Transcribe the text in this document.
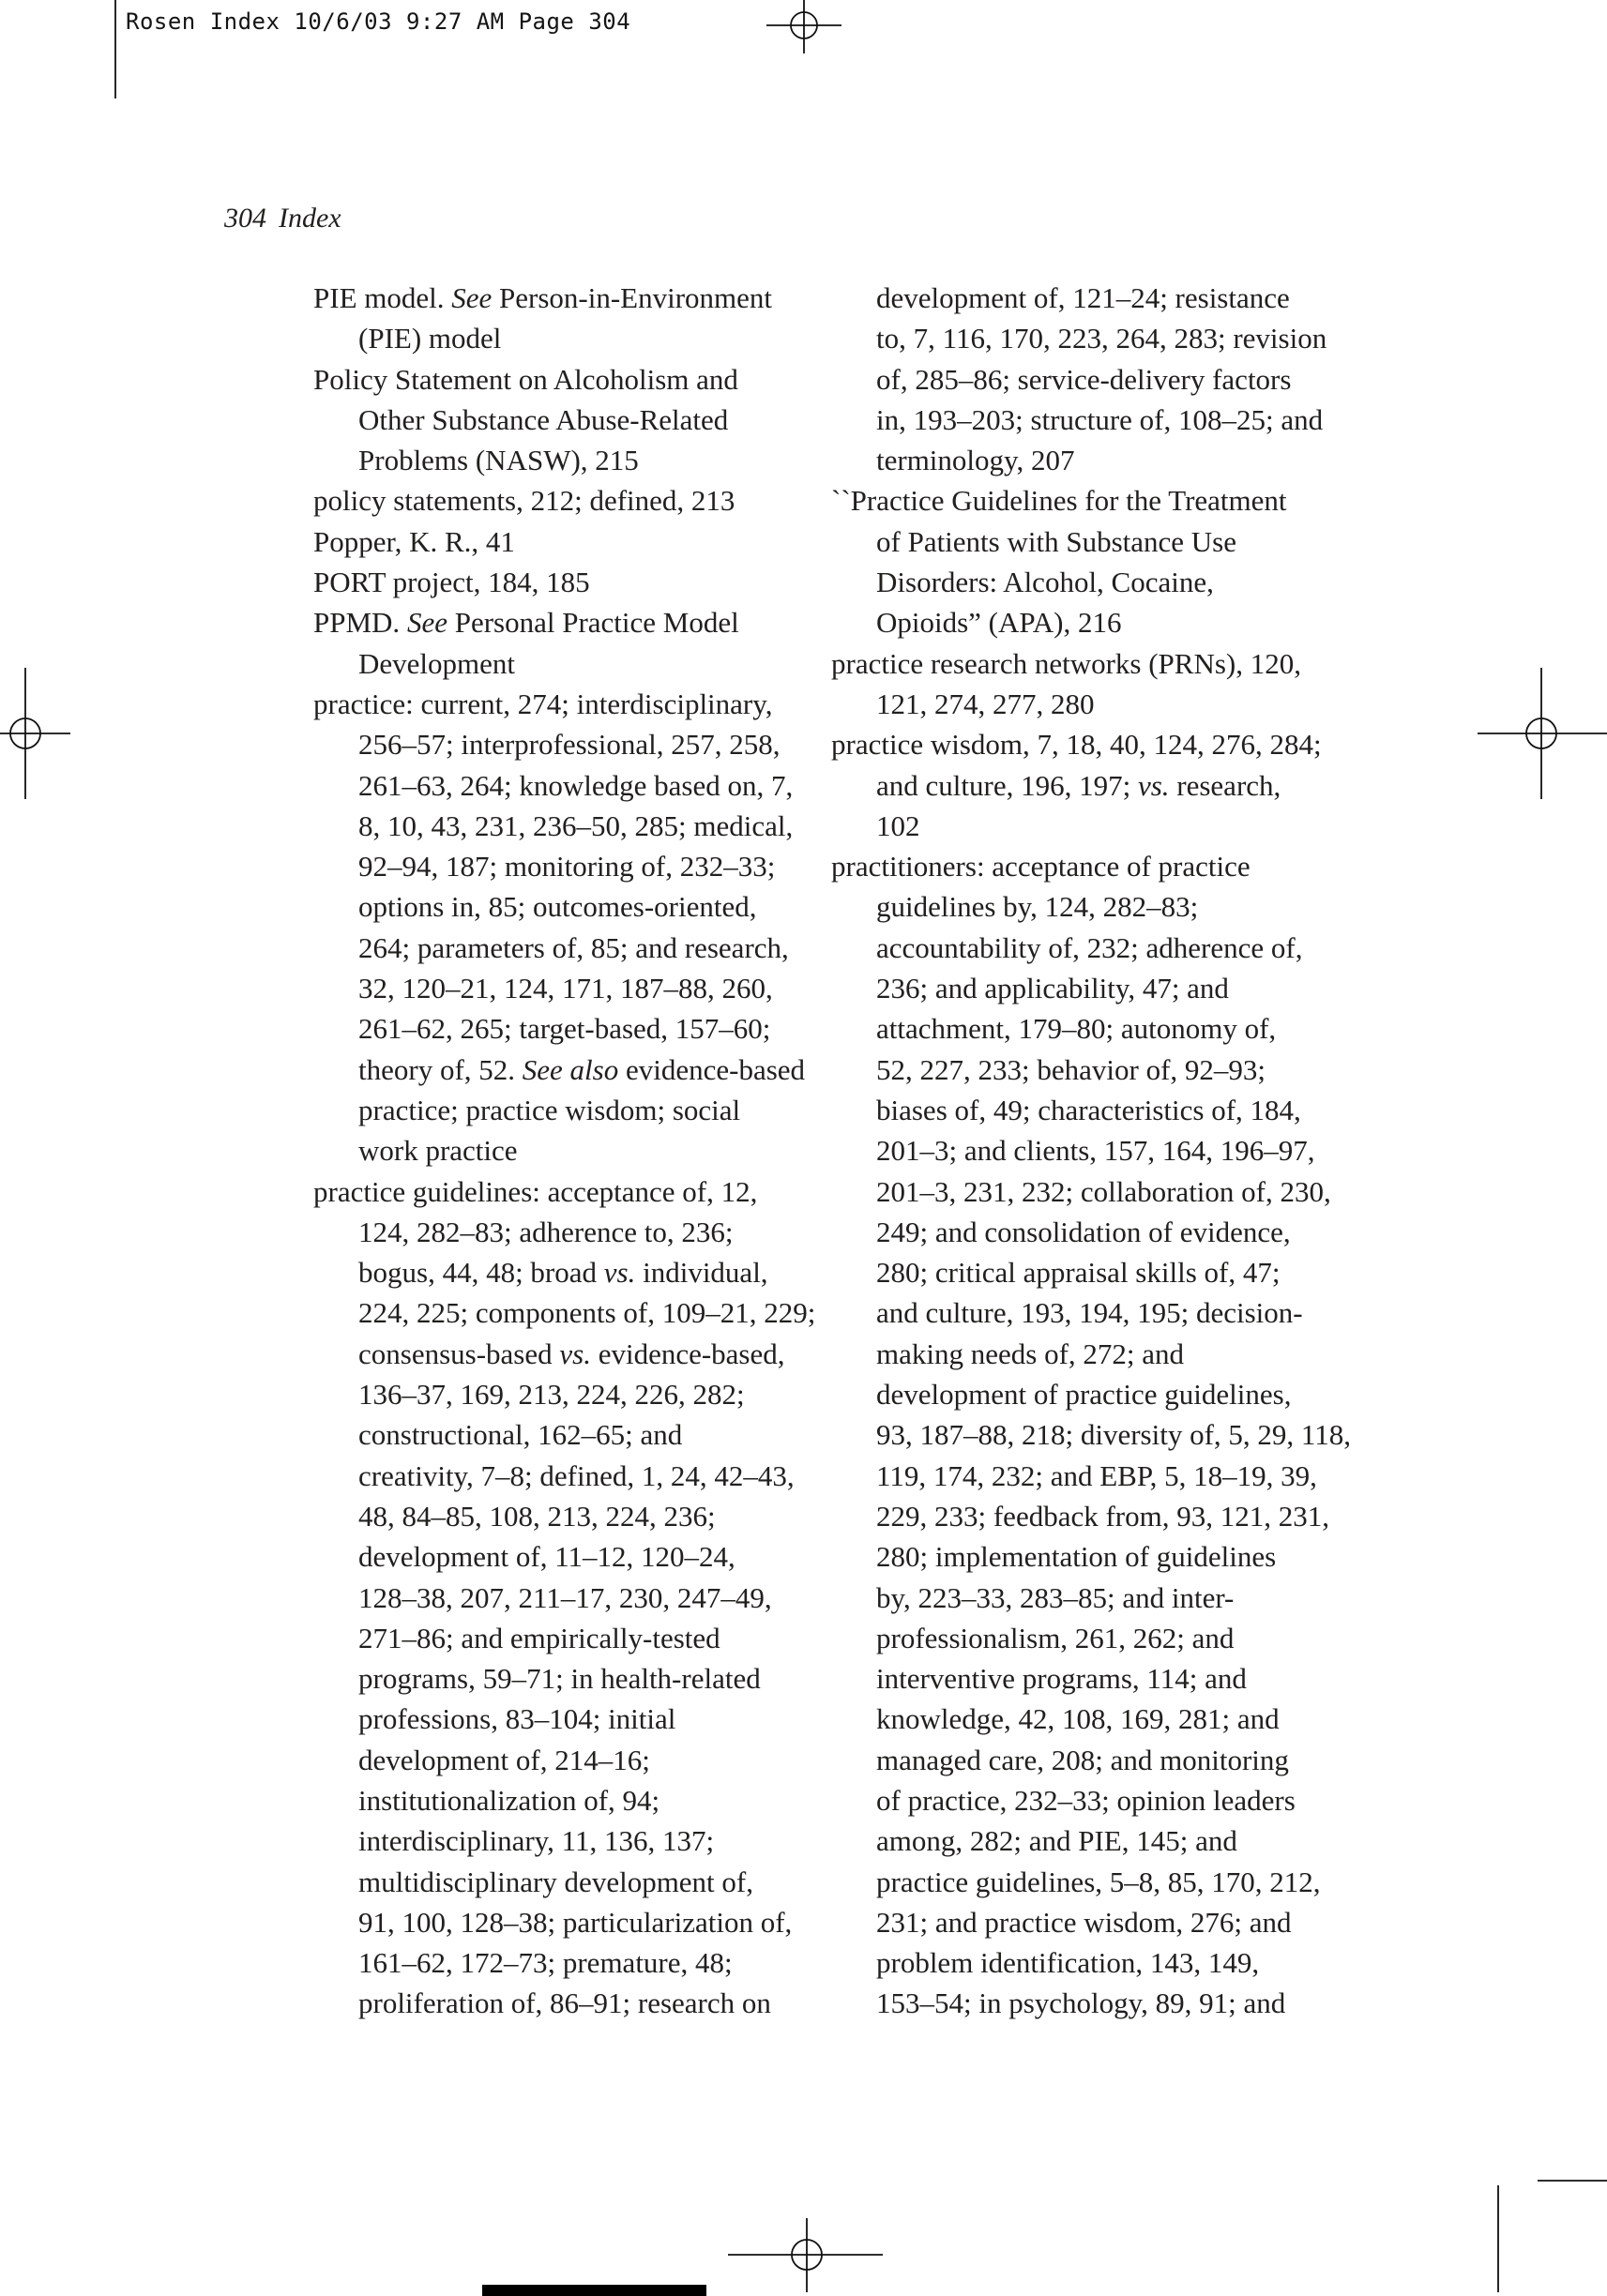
Rosen Index 10/6/03 9:27 AM Page 304
304 Index
PIE model. See Person-in-Environment
(PIE) model
Policy Statement on Alcoholism and
Other Substance Abuse-Related
Problems (NASW), 215
policy statements, 212; defined, 213
Popper, K. R., 41
PORT project, 184, 185
PPMD. See Personal Practice Model
Development
practice: current, 274; interdisciplinary,
256–57; interprofessional, 257, 258,
261–63, 264; knowledge based on, 7,
8, 10, 43, 231, 236–50, 285; medical,
92–94, 187; monitoring of, 232–33;
options in, 85; outcomes-oriented,
264; parameters of, 85; and research,
32, 120–21, 124, 171, 187–88, 260,
261–62, 265; target-based, 157–60;
theory of, 52. See also evidence-based
practice; practice wisdom; social
work practice
practice guidelines: acceptance of, 12,
124, 282–83; adherence to, 236;
bogus, 44, 48; broad vs. individual,
224, 225; components of, 109–21, 229;
consensus-based vs. evidence-based,
136–37, 169, 213, 224, 226, 282;
constructional, 162–65; and
creativity, 7–8; defined, 1, 24, 42–43,
48, 84–85, 108, 213, 224, 236;
development of, 11–12, 120–24,
128–38, 207, 211–17, 230, 247–49,
271–86; and empirically-tested
programs, 59–71; in health-related
professions, 83–104; initial
development of, 214–16;
institutionalization of, 94;
interdisciplinary, 11, 136, 137;
multidisciplinary development of,
91, 100, 128–38; particularization of,
161–62, 172–73; premature, 48;
proliferation of, 86–91; research on
development of, 121–24; resistance
to, 7, 116, 170, 223, 264, 283; revision
of, 285–86; service-delivery factors
in, 193–203; structure of, 108–25; and
terminology, 207
``Practice Guidelines for the Treatment
of Patients with Substance Use
Disorders: Alcohol, Cocaine,
Opioids” (APA), 216
practice research networks (PRNs), 120,
121, 274, 277, 280
practice wisdom, 7, 18, 40, 124, 276, 284;
and culture, 196, 197; vs. research,
102
practitioners: acceptance of practice
guidelines by, 124, 282–83;
accountability of, 232; adherence of,
236; and applicability, 47; and
attachment, 179–80; autonomy of,
52, 227, 233; behavior of, 92–93;
biases of, 49; characteristics of, 184,
201–3; and clients, 157, 164, 196–97,
201–3, 231, 232; collaboration of, 230,
249; and consolidation of evidence,
280; critical appraisal skills of, 47;
and culture, 193, 194, 195; decision-
making needs of, 272; and
development of practice guidelines,
93, 187–88, 218; diversity of, 5, 29, 118,
119, 174, 232; and EBP, 5, 18–19, 39,
229, 233; feedback from, 93, 121, 231,
280; implementation of guidelines
by, 223–33, 283–85; and inter-
professionalism, 261, 262; and
interventive programs, 114; and
knowledge, 42, 108, 169, 281; and
managed care, 208; and monitoring
of practice, 232–33; opinion leaders
among, 282; and PIE, 145; and
practice guidelines, 5–8, 85, 170, 212,
231; and practice wisdom, 276; and
problem identification, 143, 149,
153–54; in psychology, 89, 91; and
